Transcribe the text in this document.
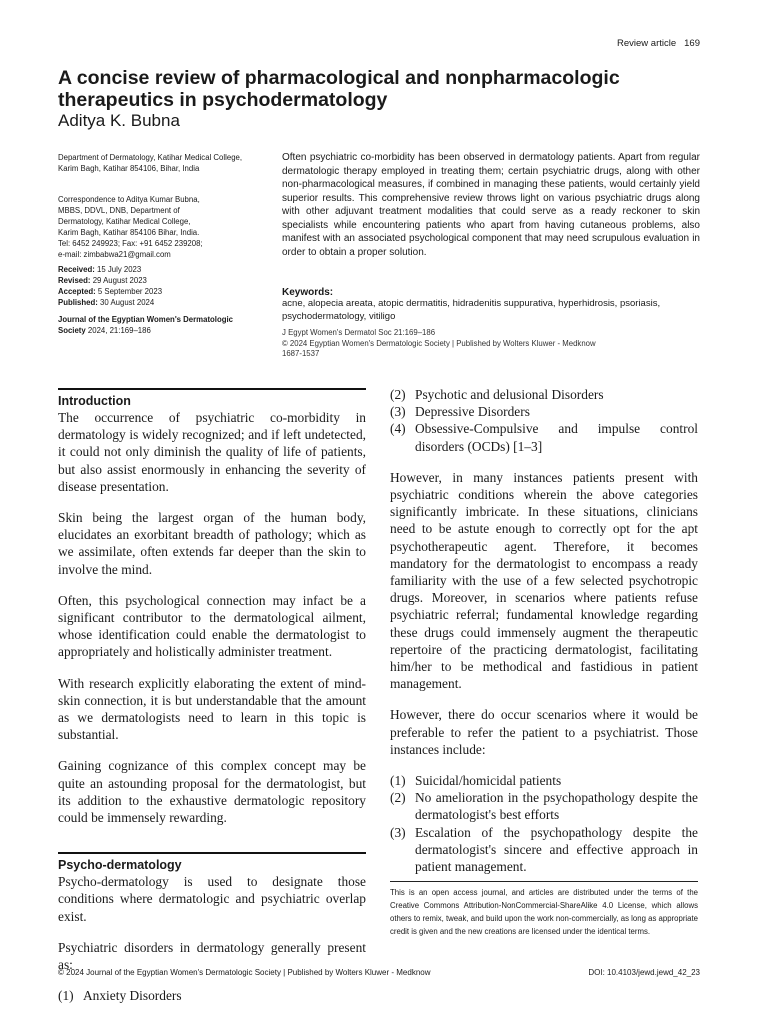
Review article 169
A concise review of pharmacological and nonpharmacologic therapeutics in psychodermatology
Aditya K. Bubna
Department of Dermatology, Katihar Medical College, Karim Bagh, Katihar 854106, Bihar, India
Correspondence to Aditya Kumar Bubna,
MBBS, DDVL, DNB, Department of
Dermatology, Katihar Medical College,
Karim Bagh, Katihar 854106 Bihar, India.
Tel: 6452 249923; Fax: +91 6452 239208;
e-mail: zimbabwa21@gmail.com
Received: 15 July 2023
Revised: 29 August 2023
Accepted: 5 September 2023
Published: 30 August 2024
Journal of the Egyptian Women's Dermatologic Society 2024, 21:169–186

Often psychiatric co-morbidity has been observed in dermatology patients. Apart from regular dermatologic therapy employed in treating them; certain psychiatric drugs, along with other non-pharmacological measures, if combined in managing these patients, would certainly yield superior results. This comprehensive review throws light on various psychiatric drugs along with other adjuvant treatment modalities that could serve as a ready reckoner to skin specialists while encountering patients who apart from having cutaneous problems, also manifest with an associated psychological component that may need scrupulous evaluation in order to obtain a proper solution.

Keywords:
acne, alopecia areata, atopic dermatitis, hidradenitis suppurativa, hyperhidrosis, psoriasis, psychodermatology, vitiligo
J Egypt Women's Dermatol Soc 21:169–186
© 2024 Egyptian Women's Dermatologic Society | Published by Wolters Kluwer - Medknow
1687-1537
Introduction

The occurrence of psychiatric co-morbidity in dermatology is widely recognized; and if left undetected, it could not only diminish the quality of life of patients, but also assist enormously in enhancing the severity of disease presentation.

Skin being the largest organ of the human body, elucidates an exorbitant breadth of pathology; which as we assimilate, often extends far deeper than the skin to involve the mind.

Often, this psychological connection may infact be a significant contributor to the dermatological ailment, whose identification could enable the dermatologist to appropriately and holistically administer treatment.

With research explicitly elaborating the extent of mind-skin connection, it is but understandable that the amount as we dermatologists need to learn in this topic is substantial.

Gaining cognizance of this complex concept may be quite an astounding proposal for the dermatologist, but its addition to the exhaustive dermatologic repository could be immensely rewarding.

Psycho-dermatology

Psycho-dermatology is used to designate those conditions where dermatologic and psychiatric overlap exist.

Psychiatric disorders in dermatology generally present as:

(1) Anxiety Disorders
(2) Psychotic and delusional Disorders
(3) Depressive Disorders
(4) Obsessive-Compulsive and impulse control disorders (OCDs) [1–3]

However, in many instances patients present with psychiatric conditions wherein the above categories significantly imbricate. In these situations, clinicians need to be astute enough to correctly opt for the apt psychotherapeutic agent. Therefore, it becomes mandatory for the dermatologist to encompass a ready familiarity with the use of a few selected psychotropic drugs. Moreover, in scenarios where patients refuse psychiatric referral; fundamental knowledge regarding these drugs could immensely augment the therapeutic repertoire of the practicing dermatologist, facilitating him/her to be methodical and fastidious in patient management.

However, there do occur scenarios where it would be preferable to refer the patient to a psychiatrist. Those instances include:

(1) Suicidal/homicidal patients
(2) No amelioration in the psychopathology despite the dermatologist's best efforts
(3) Escalation of the psychopathology despite the dermatologist's sincere and effective approach in patient management.
This is an open access journal, and articles are distributed under the terms of the Creative Commons Attribution-NonCommercial-ShareAlike 4.0 License, which allows others to remix, tweak, and build upon the work non-commercially, as long as appropriate credit is given and the new creations are licensed under the identical terms.
© 2024 Journal of the Egyptian Women's Dermatologic Society | Published by Wolters Kluwer - Medknow	DOI: 10.4103/jewd.jewd_42_23
